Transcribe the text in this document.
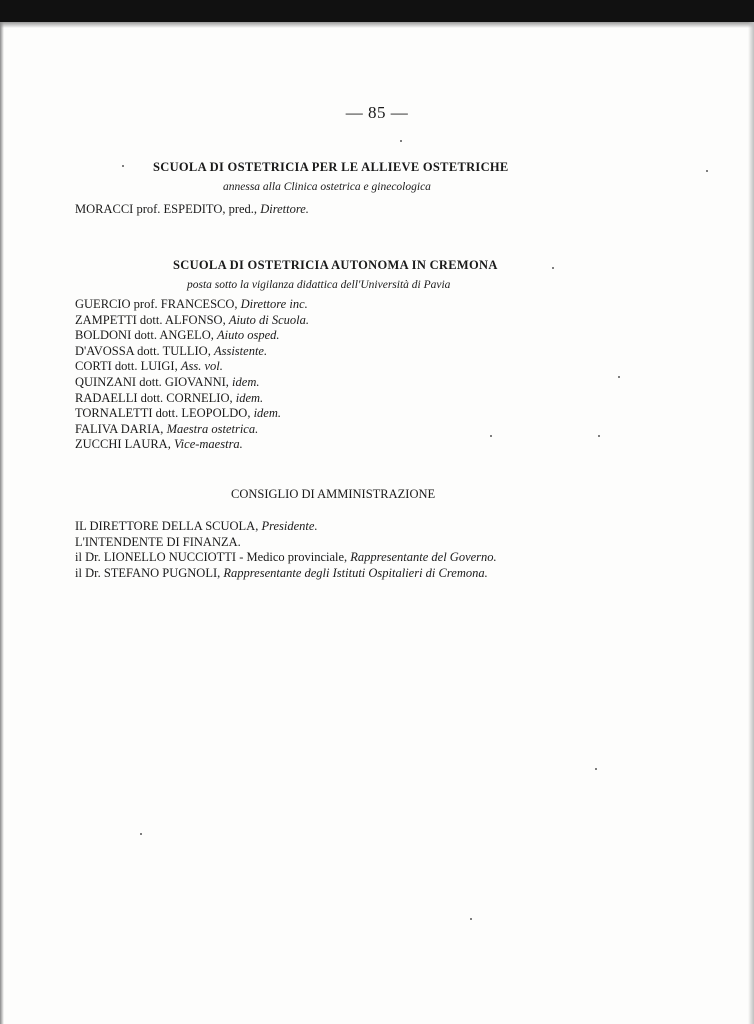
— 85 —
SCUOLA DI OSTETRICIA PER LE ALLIEVE OSTETRICHE
annessa alla Clinica ostetrica e ginecologica
MORACCI prof. ESPEDITO, pred., Direttore.
SCUOLA DI OSTETRICIA AUTONOMA IN CREMONA
posta sotto la vigilanza didattica dell'Università di Pavia
GUERCIO prof. FRANCESCO, Direttore inc.
ZAMPETTI dott. ALFONSO, Aiuto di Scuola.
BOLDONI dott. ANGELO, Aiuto osped.
D'AVOSSA dott. TULLIO, Assistente.
CORTI dott. LUIGI, Ass. vol.
QUINZANI dott. GIOVANNI, idem.
RADAELLI dott. CORNELIO, idem.
TORNALETTI dott. LEOPOLDO, idem.
FALIVA DARIA, Maestra ostetrica.
ZUCCHI LAURA, Vice-maestra.
CONSIGLIO DI AMMINISTRAZIONE
IL DIRETTORE DELLA SCUOLA, Presidente.
L'INTENDENTE DI FINANZA.
il Dr. LIONELLO NUCCIOTTI - Medico provinciale, Rappresentante del Governo.
il Dr. STEFANO PUGNOLI, Rappresentante degli Istituti Ospitalieri di Cremona.
